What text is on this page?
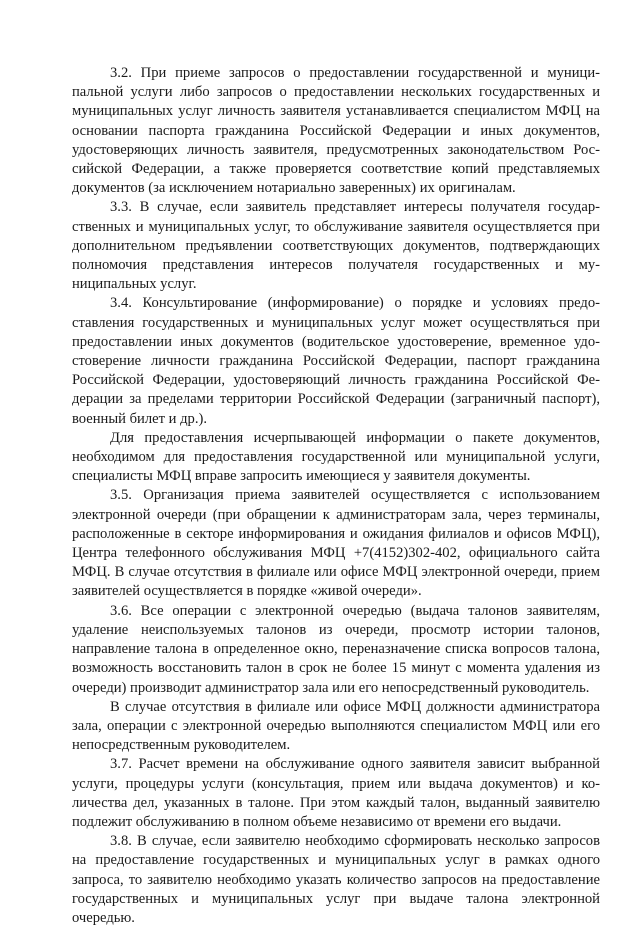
3.2. При приеме запросов о предоставлении государственной и муниципальной услуги либо запросов о предоставлении нескольких государственных и муниципальных услуг личность заявителя устанавливается специалистом МФЦ на основании паспорта гражданина Российской Федерации и иных документов, удостоверяющих личность заявителя, предусмотренных законодательством Российской Федерации, а также проверяется соответствие копий представляемых документов (за исключением нотариально заверенных) их оригиналам.

3.3. В случае, если заявитель представляет интересы получателя государственных и муниципальных услуг, то обслуживание заявителя осуществляется при дополнительном предъявлении соответствующих документов, подтверждающих полномочия представления интересов получателя государственных и муниципальных услуг.

3.4. Консультирование (информирование) о порядке и условиях предоставления государственных и муниципальных услуг может осуществляться при предоставлении иных документов (водительское удостоверение, временное удостоверение личности гражданина Российской Федерации, паспорт гражданина Российской Федерации, удостоверяющий личность гражданина Российской Федерации за пределами территории Российской Федерации (заграничный паспорт), военный билет и др.).

Для предоставления исчерпывающей информации о пакете документов, необходимом для предоставления государственной или муниципальной услуги, специалисты МФЦ вправе запросить имеющиеся у заявителя документы.

3.5. Организация приема заявителей осуществляется с использованием электронной очереди (при обращении к администраторам зала, через терминалы, расположенные в секторе информирования и ожидания филиалов и офисов МФЦ), Центра телефонного обслуживания МФЦ +7(4152)302-402, официального сайта МФЦ. В случае отсутствия в филиале или офисе МФЦ электронной очереди, прием заявителей осуществляется в порядке «живой очереди».

3.6. Все операции с электронной очередью (выдача талонов заявителям, удаление неиспользуемых талонов из очереди, просмотр истории талонов, направление талона в определенное окно, переназначение списка вопросов талона, возможность восстановить талон в срок не более 15 минут с момента удаления из очереди) производит администратор зала или его непосредственный руководитель.

В случае отсутствия в филиале или офисе МФЦ должности администратора зала, операции с электронной очередью выполняются специалистом МФЦ или его непосредственным руководителем.

3.7. Расчет времени на обслуживание одного заявителя зависит выбранной услуги, процедуры услуги (консультация, прием или выдача документов) и количества дел, указанных в талоне. При этом каждый талон, выданный заявителю подлежит обслуживанию в полном объеме независимо от времени его выдачи.

3.8. В случае, если заявителю необходимо сформировать несколько запросов на предоставление государственных и муниципальных услуг в рамках одного запроса, то заявителю необходимо указать количество запросов на предоставление государственных и муниципальных услуг при выдаче талона электронной очередью.
